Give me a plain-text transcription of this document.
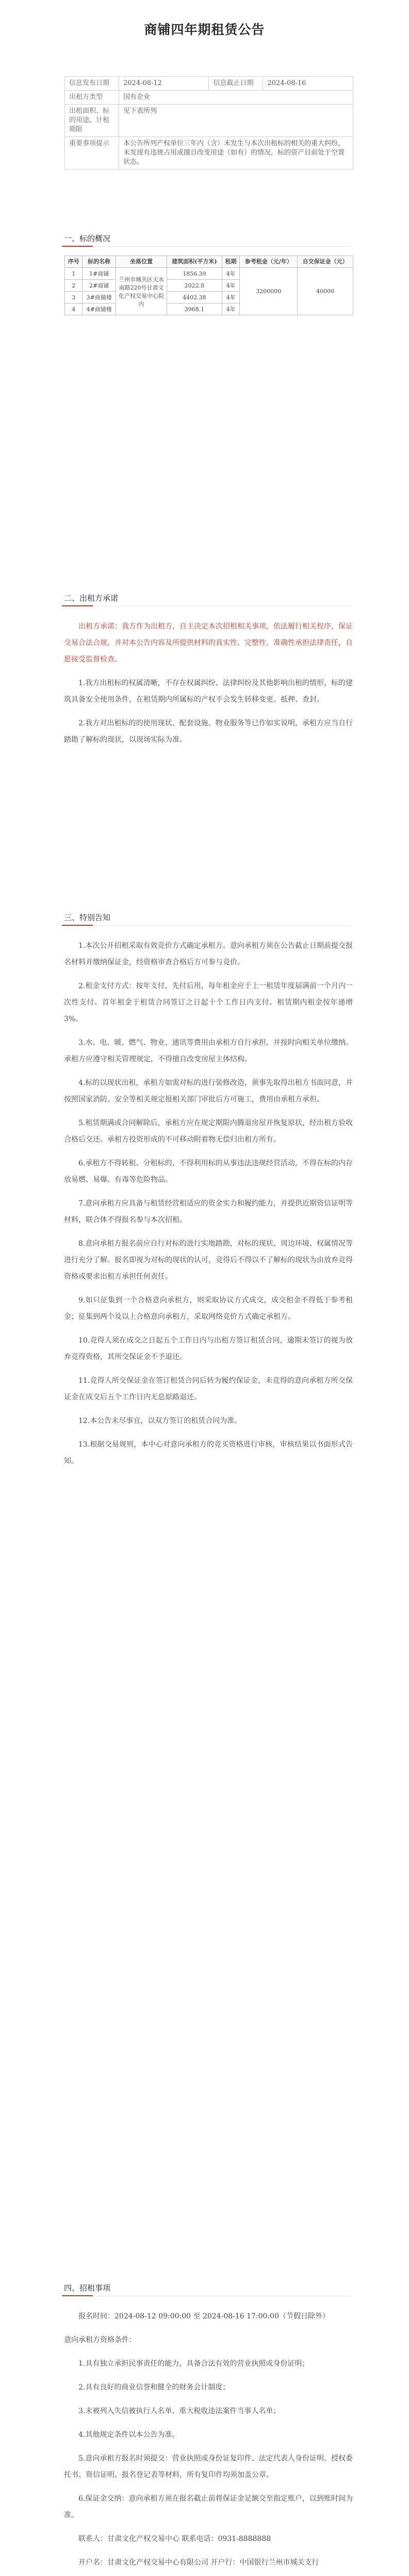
商铺四年期租赁公告
信息发布日期	2024-08-12	信息截止日期	2024-08-16
出租方类型	国有企业		
出租面积、标的用途、计租期限	见下表所列		
重要事项提示	本公告所列产权单位三年内（含）未发生与本次出租标的相关的重大纠纷，未发现有违规占用或擅自改变用途（如有）的情况，标的资产目前处于空置状态。		
一、标的概况
序号	标的名称	坐落位置	建筑面积(平方米)	租期	参考租金（元/年）	自交保证金（元）
1	1#商铺	兰州市城关区天水南路220号甘肃文化产权交易中心院内	1856.39	4年	3200000	40000
2	2#商铺		2022.8	4年		
3	3#商铺楼		4402.38	4年		
4	4#商铺楼		3968.1	4年		
二、出租方承诺

出租方承诺：我方作为出租方，自主决定本次招租相关事项，依法履行相关程序，保证交易合法合规，并对本公告内容及所提供材料的真实性、完整性、准确性承担法律责任，自愿接受监督检查。

1.我方出租标的权属清晰，不存在权属纠纷、法律纠纷及其他影响出租的情形，标的建筑具备安全使用条件，在租赁期内所属标的产权不会发生转移变更、抵押、查封。

2.我方对出租标的的使用现状、配套设施、物业服务等已作如实说明，承租方应当自行踏勘了解标的现状，以现场实际为准。

三、特别告知

1.本次公开招租采取有效竞价方式确定承租方。意向承租方须在公告截止日期前提交报名材料并缴纳保证金，经资格审查合格后方可参与竞价。

2.租金支付方式：按年支付，先付后用，每年租金应于上一租赁年度届满前一个月内一次性支付。首年租金于租赁合同签订之日起十个工作日内支付。租赁期内租金按年递增3%。

3.水、电、暖、燃气、物业、通讯等费用由承租方自行承担，并按时向相关单位缴纳。承租方应遵守相关管理规定，不得擅自改变房屋主体结构。

4.标的以现状出租，承租方如需对标的进行装修改造，须事先取得出租方书面同意，并按照国家消防、安全等相关规定报相关部门审批后方可施工，费用由承租方承担。

5.租赁期满或合同解除后，承租方应在规定期限内腾退房屋并恢复原状，经出租方验收合格后交还。承租方投资形成的不可移动附着物无偿归出租方所有。

6.承租方不得转租、分租标的，不得利用标的从事违法违规经营活动，不得在标的内存放易燃、易爆、有毒等危险物品。

7.意向承租方应具备与租赁经营相适应的资金实力和履约能力，并提供近期资信证明等材料，联合体不得报名参与本次招租。

8.意向承租方报名前应自行对标的进行实地踏勘，对标的现状、周边环境、权属情况等进行充分了解。报名即视为对标的现状的认可，竞得后不得以不了解标的现状为由放弃竞得资格或要求出租方承担任何责任。

9.如只征集到一个合格意向承租方，则采取协议方式成交，成交租金不得低于参考租金；征集到两个及以上合格意向承租方，采取网络竞价方式确定承租方。

10.竞得人须在成交之日起五个工作日内与出租方签订租赁合同，逾期未签订的视为放弃竞得资格，其所交保证金不予退还。

11.竞得人所交保证金在签订租赁合同后转为履约保证金，未竞得的意向承租方所交保证金在成交后五个工作日内无息原路退还。

12.本公告未尽事宜，以双方签订的租赁合同为准。

13.根据交易规则，本中心对意向承租方的竞买资格进行审核，审核结果以书面形式告知。

四、招租事项

报名时间：2024-08-12 09:00:00 至 2024-08-16 17:00:00（节假日除外）

意向承租方资格条件：

1.具有独立承担民事责任的能力，具备合法有效的营业执照或身份证明；

2.具有良好的商业信誉和健全的财务会计制度；

3.未被列入失信被执行人名单、重大税收违法案件当事人名单；

4.其他规定条件以本公告为准。

5.意向承租方报名时须提交：营业执照或身份证复印件、法定代表人身份证明、授权委托书、资信证明、报名登记表等材料，所有复印件均须加盖公章。

6.保证金交纳：意向承租方须在报名截止前将保证金足额交至指定账户，以到账时间为准。

联系人：甘肃文化产权交易中心 联系电话：0931-8888888

开户名：甘肃文化产权交易中心有限公司 开户行：中国银行兰州市城关支行
